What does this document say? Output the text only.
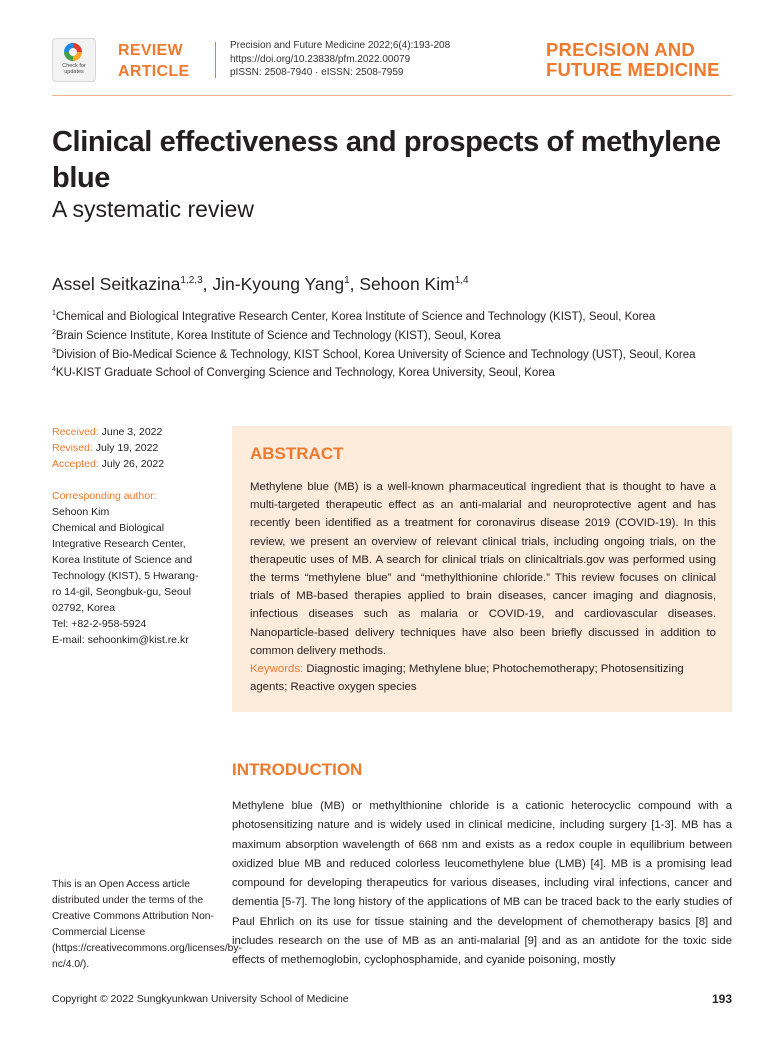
Check for updates
REVIEW
ARTICLE
Precision and Future Medicine 2022;6(4):193-208
https://doi.org/10.23838/pfm.2022.00079
pISSN: 2508-7940 · eISSN: 2508-7959
PRECISION AND
FUTURE MEDICINE
Clinical effectiveness and prospects of methylene blue
A systematic review
Assel Seitkazina$^{1,2,3}$, Jin-Kyoung Yang$^1$, Sehoon Kim$^{1,4}$
$^1$Chemical and Biological Integrative Research Center, Korea Institute of Science and Technology (KIST), Seoul, Korea
$^2$Brain Science Institute, Korea Institute of Science and Technology (KIST), Seoul, Korea
$^3$Division of Bio-Medical Science & Technology, KIST School, Korea University of Science and Technology (UST), Seoul, Korea
$^4$KU-KIST Graduate School of Converging Science and Technology, Korea University, Seoul, Korea
Received: June 3, 2022
Revised: July 19, 2022
Accepted: July 26, 2022
Corresponding author:
Sehoon Kim
Chemical and Biological
Integrative Research Center,
Korea Institute of Science and
Technology (KIST), 5 Hwarang-
ro 14-gil, Seongbuk-gu, Seoul
02792, Korea
Tel: +82-2-958-5924
E-mail: sehoonkim@kist.re.kr
ABSTRACT
Methylene blue (MB) is a well-known pharmaceutical ingredient that is thought to have a multi-targeted therapeutic effect as an anti-malarial and neuroprotective agent and has recently been identified as a treatment for coronavirus disease 2019 (COVID-19). In this review, we present an overview of relevant clinical trials, including ongoing trials, on the therapeutic uses of MB. A search for clinical trials on clinicaltrials.gov was performed using the terms “methylene blue” and “methylthionine chloride.” This review focuses on clinical trials of MB-based therapies applied to brain diseases, cancer imaging and diagnosis, infectious diseases such as malaria or COVID-19, and cardiovascular diseases. Nanoparticle-based delivery techniques have also been briefly discussed in addition to common delivery methods.
Keywords: Diagnostic imaging; Methylene blue; Photochemotherapy; Photosensitizing agents; Reactive oxygen species
INTRODUCTION
Methylene blue (MB) or methylthionine chloride is a cationic heterocyclic compound with a photosensitizing nature and is widely used in clinical medicine, including surgery [1-3]. MB has a maximum absorption wavelength of 668 nm and exists as a redox couple in equilibrium between oxidized blue MB and reduced colorless leucomethylene blue (LMB) [4]. MB is a promising lead compound for developing therapeutics for various diseases, including viral infections, cancer and dementia [5-7]. The long history of the applications of MB can be traced back to the early studies of Paul Ehrlich on its use for tissue staining and the development of chemotherapy basics [8] and includes research on the use of MB as an anti-malarial [9] and as an antidote for the toxic side effects of methemoglobin, cyclophosphamide, and cyanide poisoning, mostly
This is an Open Access article distributed under the terms of the Creative Commons Attribution Non-Commercial License (https://creativecommons.org/licenses/by-nc/4.0/).
Copyright © 2022 Sungkyunkwan University School of Medicine	193
